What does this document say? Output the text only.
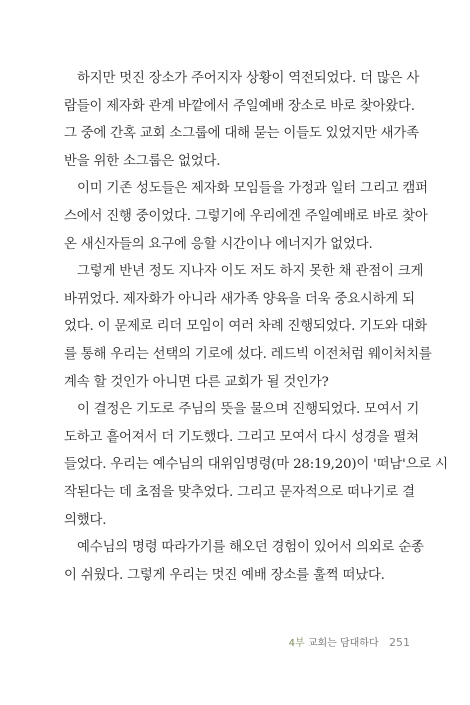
하지만 멋진 장소가 주어지자 상황이 역전되었다. 더 많은 사
람들이 제자화 관계 바깥에서 주일예배 장소로 바로 찾아왔다.
그 중에 간혹 교회 소그룹에 대해 묻는 이들도 있었지만 새가족
반을 위한 소그룹은 없었다.
이미 기존 성도들은 제자화 모임들을 가정과 일터 그리고 캠퍼
스에서 진행 중이었다. 그렇기에 우리에겐 주일예배로 바로 찾아
온 새신자들의 요구에 응할 시간이나 에너지가 없었다.
그렇게 반년 정도 지나자 이도 저도 하지 못한 채 관점이 크게
바뀌었다. 제자화가 아니라 새가족 양육을 더욱 중요시하게 되
었다. 이 문제로 리더 모임이 여러 차례 진행되었다. 기도와 대화
를 통해 우리는 선택의 기로에 섰다. 레드빅 이전처럼 웨이처치를
계속 할 것인가 아니면 다른 교회가 될 것인가?
이 결정은 기도로 주님의 뜻을 물으며 진행되었다. 모여서 기
도하고 흩어져서 더 기도했다. 그리고 모여서 다시 성경을 펼쳐
들었다. 우리는 예수님의 대위임명령(마 28:19,20)이 '떠남'으로 시
작된다는 데 초점을 맞추었다. 그리고 문자적으로 떠나기로 결
의했다.
예수님의 명령 따라가기를 해오던 경험이 있어서 의외로 순종
이 쉬웠다. 그렇게 우리는 멋진 예배 장소를 훌쩍 떠났다.
4부 교회는 담대하다 251
